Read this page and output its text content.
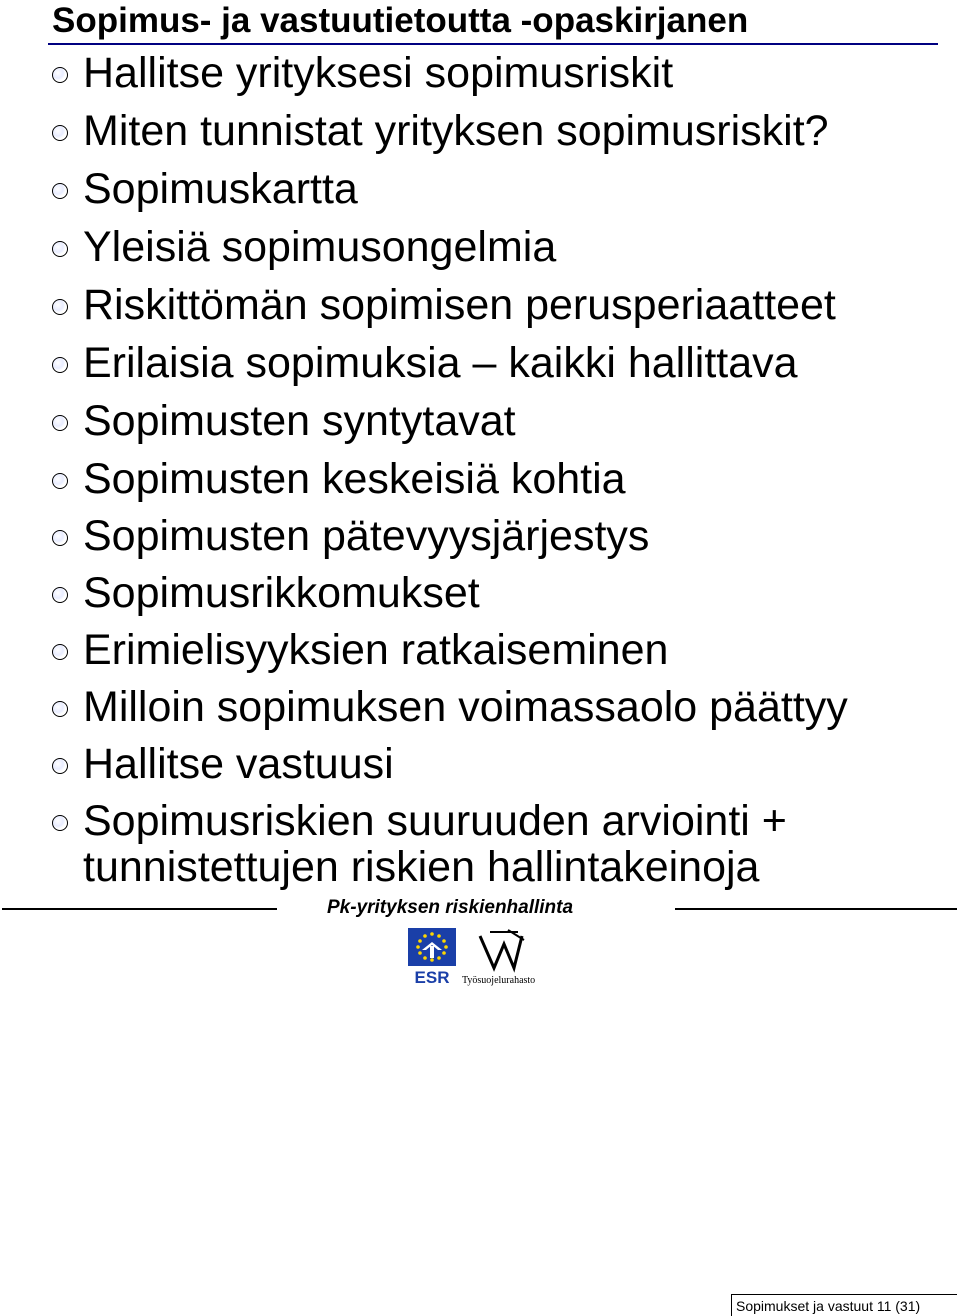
Sopimus- ja vastuutietoutta -opaskirjanen
Hallitse yrityksesi sopimusriskit
Miten tunnistat yrityksen sopimusriskit?
Sopimuskartta
Yleisiä sopimusongelmia
Riskittömän sopimisen perusperiaatteet
Erilaisia sopimuksia – kaikki hallittava
Sopimusten syntytavat
Sopimusten keskeisiä kohtia
Sopimusten pätevyysjärjestys
Sopimusrikkomukset
Erimielisyyksien ratkaiseminen
Milloin sopimuksen voimassaolo päättyy
Hallitse vastuusi
Sopimusriskien suuruuden arviointi +
tunnistettujen riskien hallintakeinoja
Pk-yrityksen riskienhallinta
ESR Työsuojelurahasto
Sopimukset ja vastuut 11 (31)
